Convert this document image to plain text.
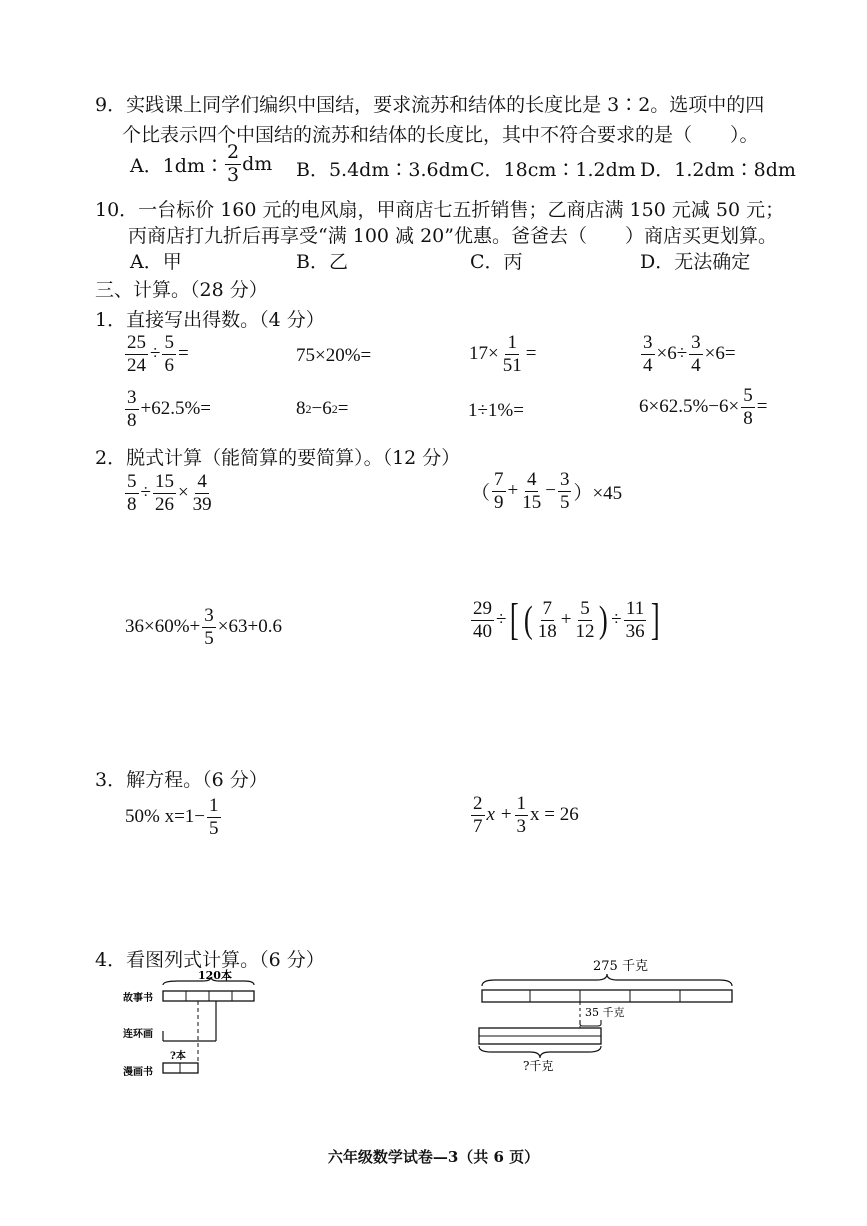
9．实践课上同学们编织中国结，要求流苏和结体的长度比是 3∶2。选项中的四
个比表示四个中国结的流苏和结体的长度比，其中不符合要求的是（　　）。
A．1dm∶ $\frac{2}{3}$ dm B．5.4dm∶3.6dm C．18cm∶1.2dm D．1.2dm∶8dm
10．一台标价 160 元的电风扇，甲商店七五折销售；乙商店满 150 元减 50 元；
丙商店打九折后再享受“满 100 减 20”优惠。爸爸去（　　）商店买更划算。
A．甲	B．乙	C．丙	D．无法确定
三、计算。（28 分）
1．直接写出得数。（4 分）
$\frac{25}{24} \div \frac{5}{6}$ =	75×20%=	$17\times \frac{1}{51}$ =	$\frac{3}{4} \times 6\div \frac{3}{4} \times 6=$
$\frac{3}{8} +62.5\%=$	8 2 −6 2 =	1÷1%=	$6\times 62.5\%-6\times \frac{5}{8}$ =
2．脱式计算（能简算的要简算）。（12 分）
$\frac{5}{8} \div \frac{15}{26} \times \frac{4}{39}$	（ $\frac{7}{9} + \frac{4}{15} - \frac{3}{5} )\times 45$
$36\times 60\%+ \frac{3}{5} \times 63+0.6$	$\frac{29}{40}$ ÷ [ ( $\frac{7}{18} + \frac{5}{12}$ ) ÷ $\frac{11}{36}$ ]
3．解方程。（6 分）
50% $x=1- \frac{1}{5}$	$\frac{2}{7}$ $x + \frac{1}{3}$ x = 26
4．看图列式计算。（6 分）
120本
故事书
连环画
?本
漫画书
275 千克
35 千克
?千克
六年级数学试卷—3（共 6 页）
